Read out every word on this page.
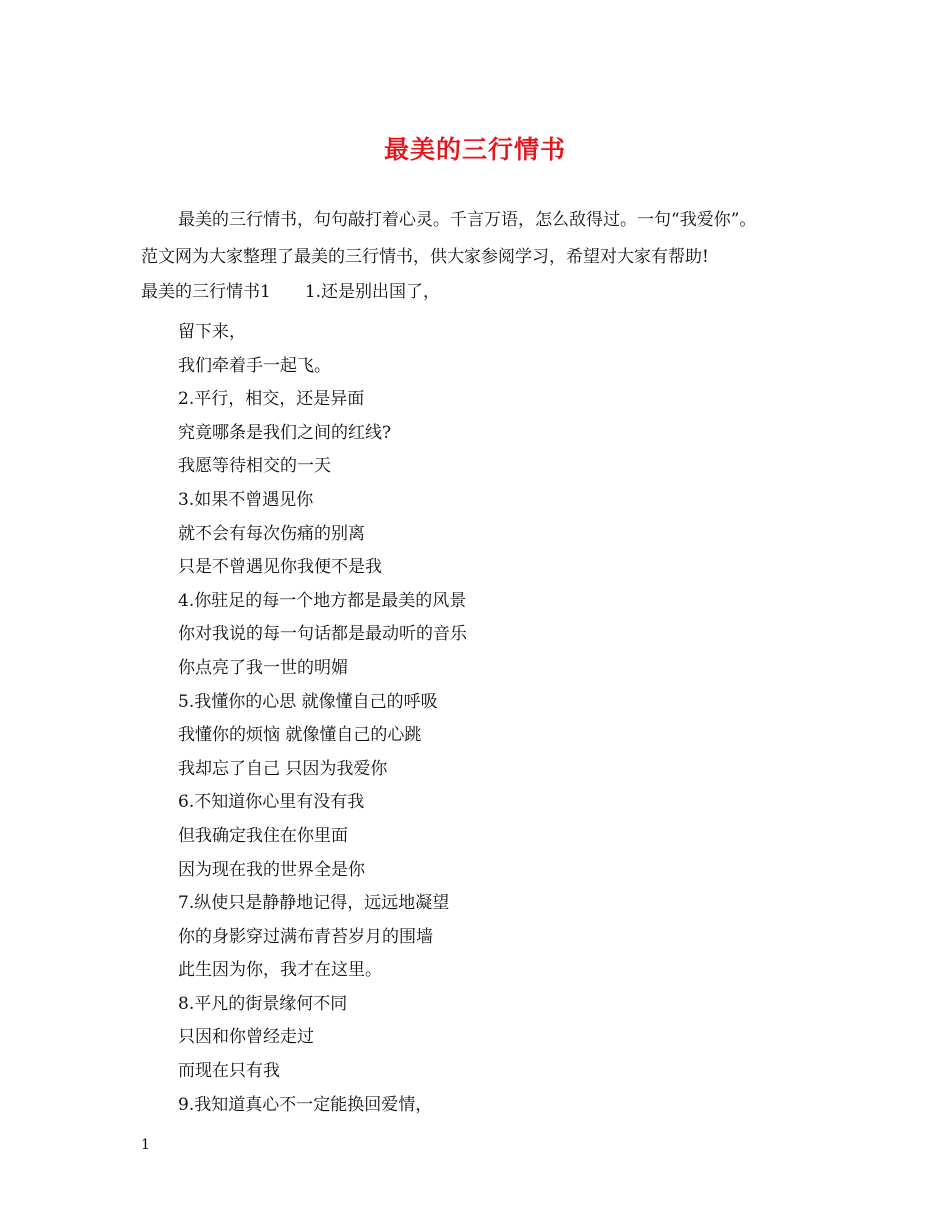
最美的三行情书
最美的三行情书，句句敲打着心灵。千言万语，怎么敌得过。一句“我爱你”。
范文网为大家整理了最美的三行情书，供大家参阅学习，希望对大家有帮助!
最美的三行情书1 1.还是别出国了，
留下来，
我们牵着手一起飞。
2.平行，相交，还是异面
究竟哪条是我们之间的红线?
我愿等待相交的一天
3.如果不曾遇见你
就不会有每次伤痛的别离
只是不曾遇见你我便不是我
4.你驻足的每一个地方都是最美的风景
你对我说的每一句话都是最动听的音乐
你点亮了我一世的明媚
5.我懂你的心思 就像懂自己的呼吸
我懂你的烦恼 就像懂自己的心跳
我却忘了自己 只因为我爱你
6.不知道你心里有没有我
但我确定我住在你里面
因为现在我的世界全是你
7.纵使只是静静地记得，远远地凝望
你的身影穿过满布青苔岁月的围墙
此生因为你，我才在这里。
8.平凡的街景缘何不同
只因和你曾经走过
而现在只有我
9.我知道真心不一定能换回爱情，
1
